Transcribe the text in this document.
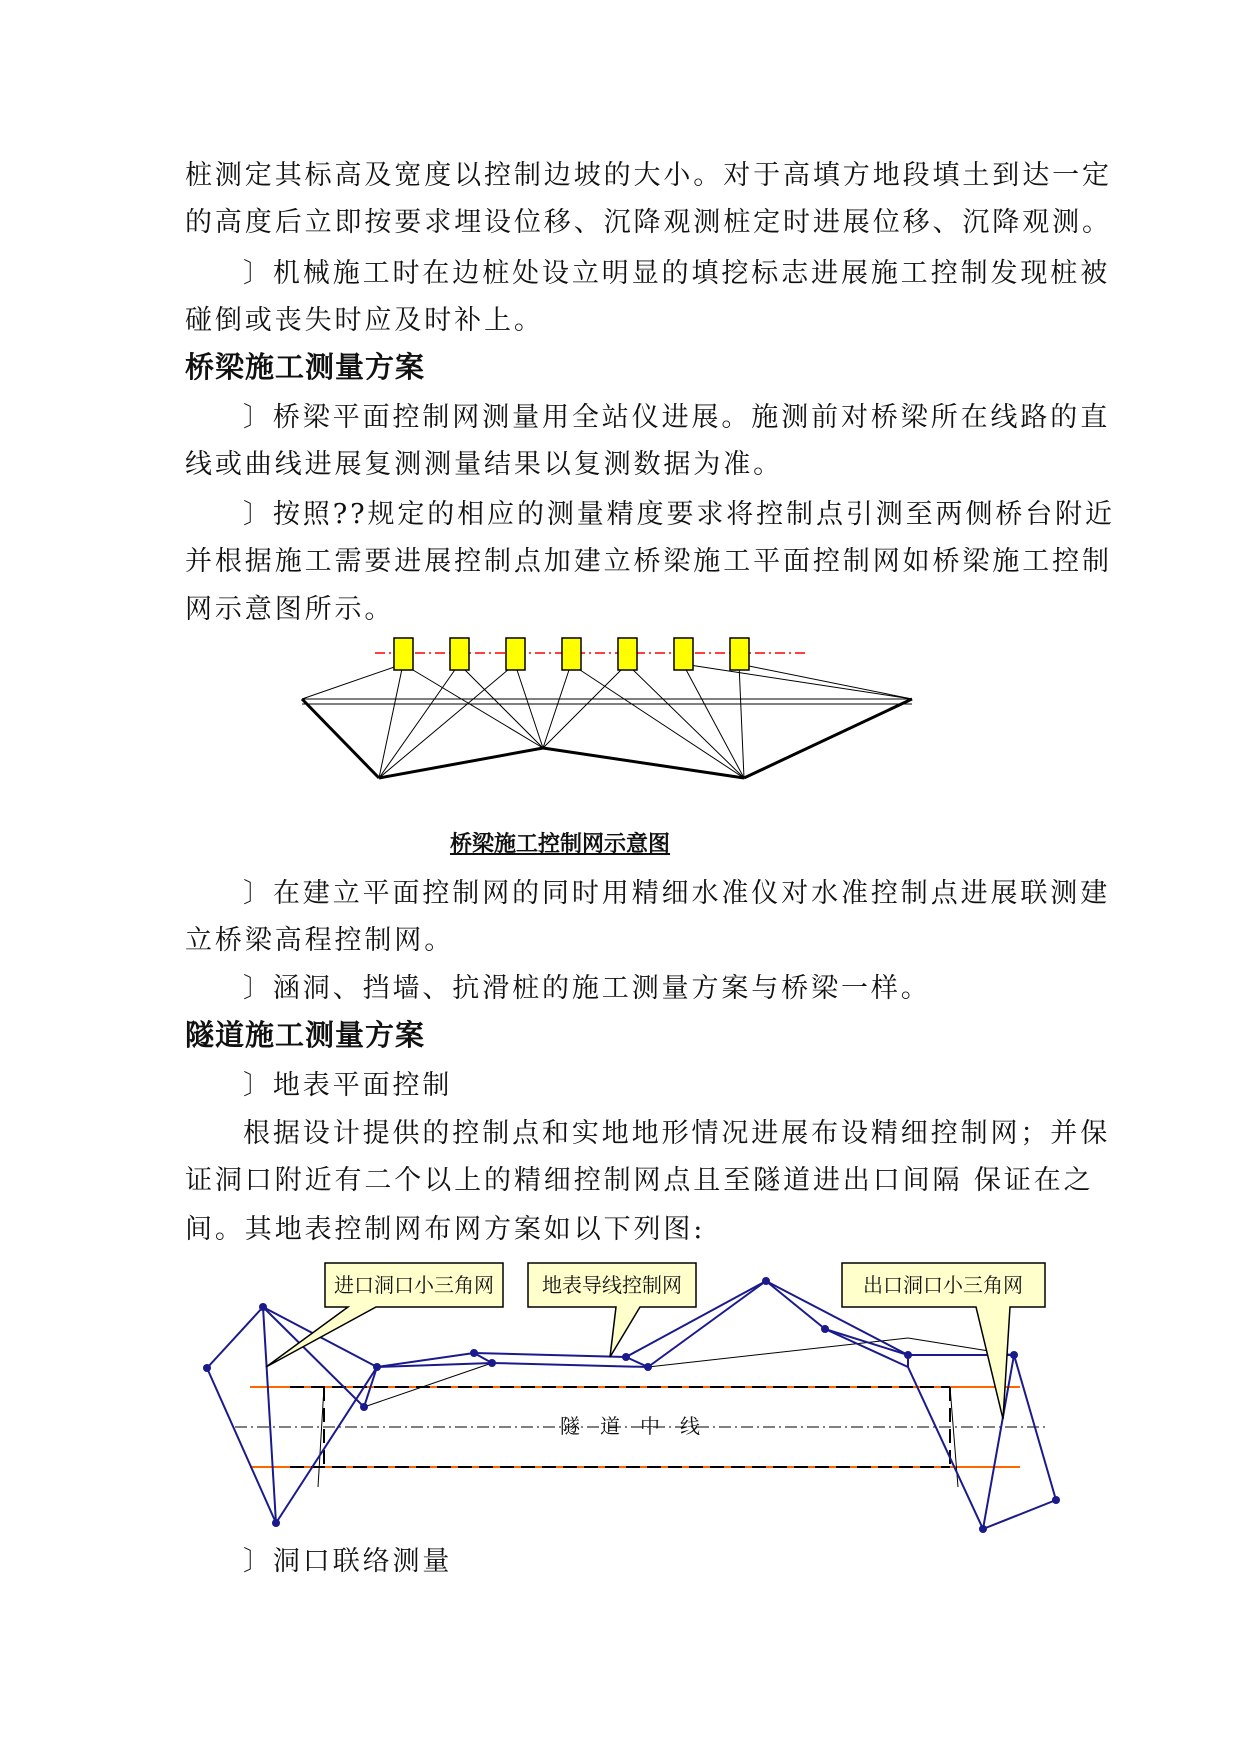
桩测定其标高及宽度以控制边坡的大小。对于高填方地段填土到达一定
的高度后立即按要求埋设位移、沉降观测桩定时进展位移、沉降观测。
〕机械施工时在边桩处设立明显的填挖标志进展施工控制发现桩被
碰倒或丧失时应及时补上。
桥梁施工测量方案
〕桥梁平面控制网测量用全站仪进展。施测前对桥梁所在线路的直
线或曲线进展复测测量结果以复测数据为准。
〕按照??规定的相应的测量精度要求将控制点引测至两侧桥台附近
并根据施工需要进展控制点加建立桥梁施工平面控制网如桥梁施工控制
网示意图所示。
桥梁施工控制网示意图
〕在建立平面控制网的同时用精细水准仪对水准控制点进展联测建
立桥梁高程控制网。
〕涵洞、挡墙、抗滑桩的施工测量方案与桥梁一样。
隧道施工测量方案
〕地表平面控制
根据设计提供的控制点和实地地形情况进展布设精细控制网；并保
证洞口附近有二个以上的精细控制网点且至隧道进出口间隔 保证在之
间。其地表控制网布网方案如以下列图:
进口洞口小三角网 地表导线控制网	出口洞口小三角网
隧　道　中　线
〕洞口联络测量
